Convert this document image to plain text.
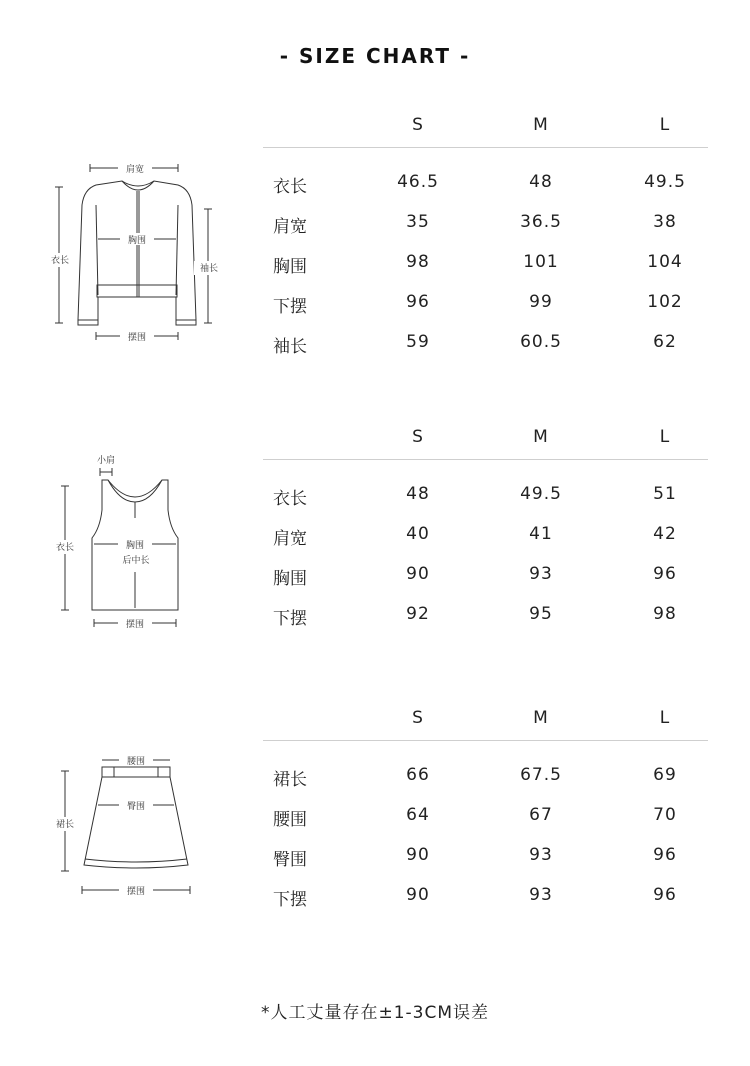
- SIZE CHART -
S	M	L
衣长	46.5	48	49.5
肩宽	35	36.5	38
胸围	98	101	104
下摆	96	99	102
袖长	59	60.5	62
肩宽
胸围
衣长
袖长
摆围
S	M	L
衣长	48	49.5	51
肩宽	40	41	42
胸围	90	93	96
下摆	92	95	98
小肩
胸围
后中长
衣长
摆围
S	M	L
裙长	66	67.5	69
腰围	64	67	70
臀围	90	93	96
下摆	90	93	96
腰围
臀围
裙长
摆围
*人工丈量存在±1-3CM误差
